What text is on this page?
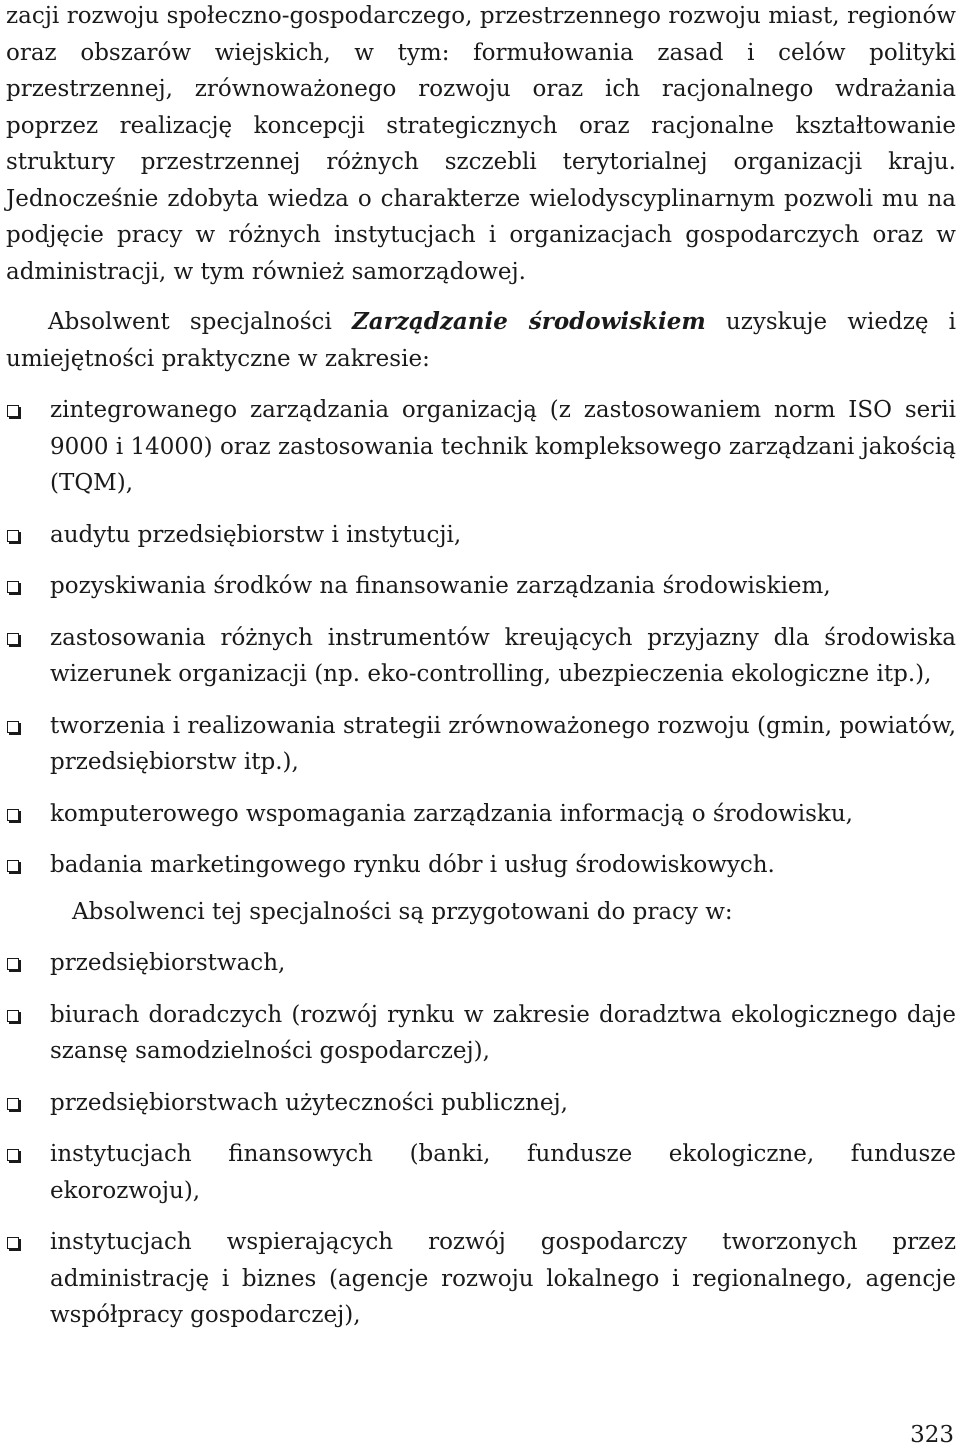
zacji rozwoju społeczno-gospodarczego, przestrzennego rozwoju miast, regionów oraz obszarów wiejskich, w tym: formułowania zasad i celów polityki przestrzennej, zrównoważonego rozwoju oraz ich racjonalnego wdrażania poprzez realizację koncepcji strategicznych oraz racjonalne kształtowanie struktury przestrzennej różnych szczebli terytorialnej organizacji kraju. Jednocześnie zdobyta wiedza o charakterze wielodyscyplinarnym pozwoli mu na podjęcie pracy w różnych instytucjach i organizacjach gospodarczych oraz w administracji, w tym również samorządowej.

Absolwent specjalności Zarządzanie środowiskiem uzyskuje wiedzę i umiejętności praktyczne w zakresie:

zintegrowanego zarządzania organizacją (z zastosowaniem norm ISO serii 9000 i 14000) oraz zastosowania technik kompleksowego zarządzani jakością (TQM),
audytu przedsiębiorstw i instytucji,
pozyskiwania środków na finansowanie zarządzania środowiskiem,
zastosowania różnych instrumentów kreujących przyjazny dla środowiska wizerunek organizacji (np. eko-controlling, ubezpieczenia ekologiczne itp.),
tworzenia i realizowania strategii zrównoważonego rozwoju (gmin, powiatów, przedsiębiorstw itp.),
komputerowego wspomagania zarządzania informacją o środowisku,
badania marketingowego rynku dóbr i usług środowiskowych.

Absolwenci tej specjalności są przygotowani do pracy w:

przedsiębiorstwach,
biurach doradczych (rozwój rynku w zakresie doradztwa ekologicznego daje szansę samodzielności gospodarczej),
przedsiębiorstwach użyteczności publicznej,
instytucjach finansowych (banki, fundusze ekologiczne, fundusze ekorozwoju),
instytucjach wspierających rozwój gospodarczy tworzonych przez administrację i biznes (agencje rozwoju lokalnego i regionalnego, agencje współpracy gospodarczej),
323
